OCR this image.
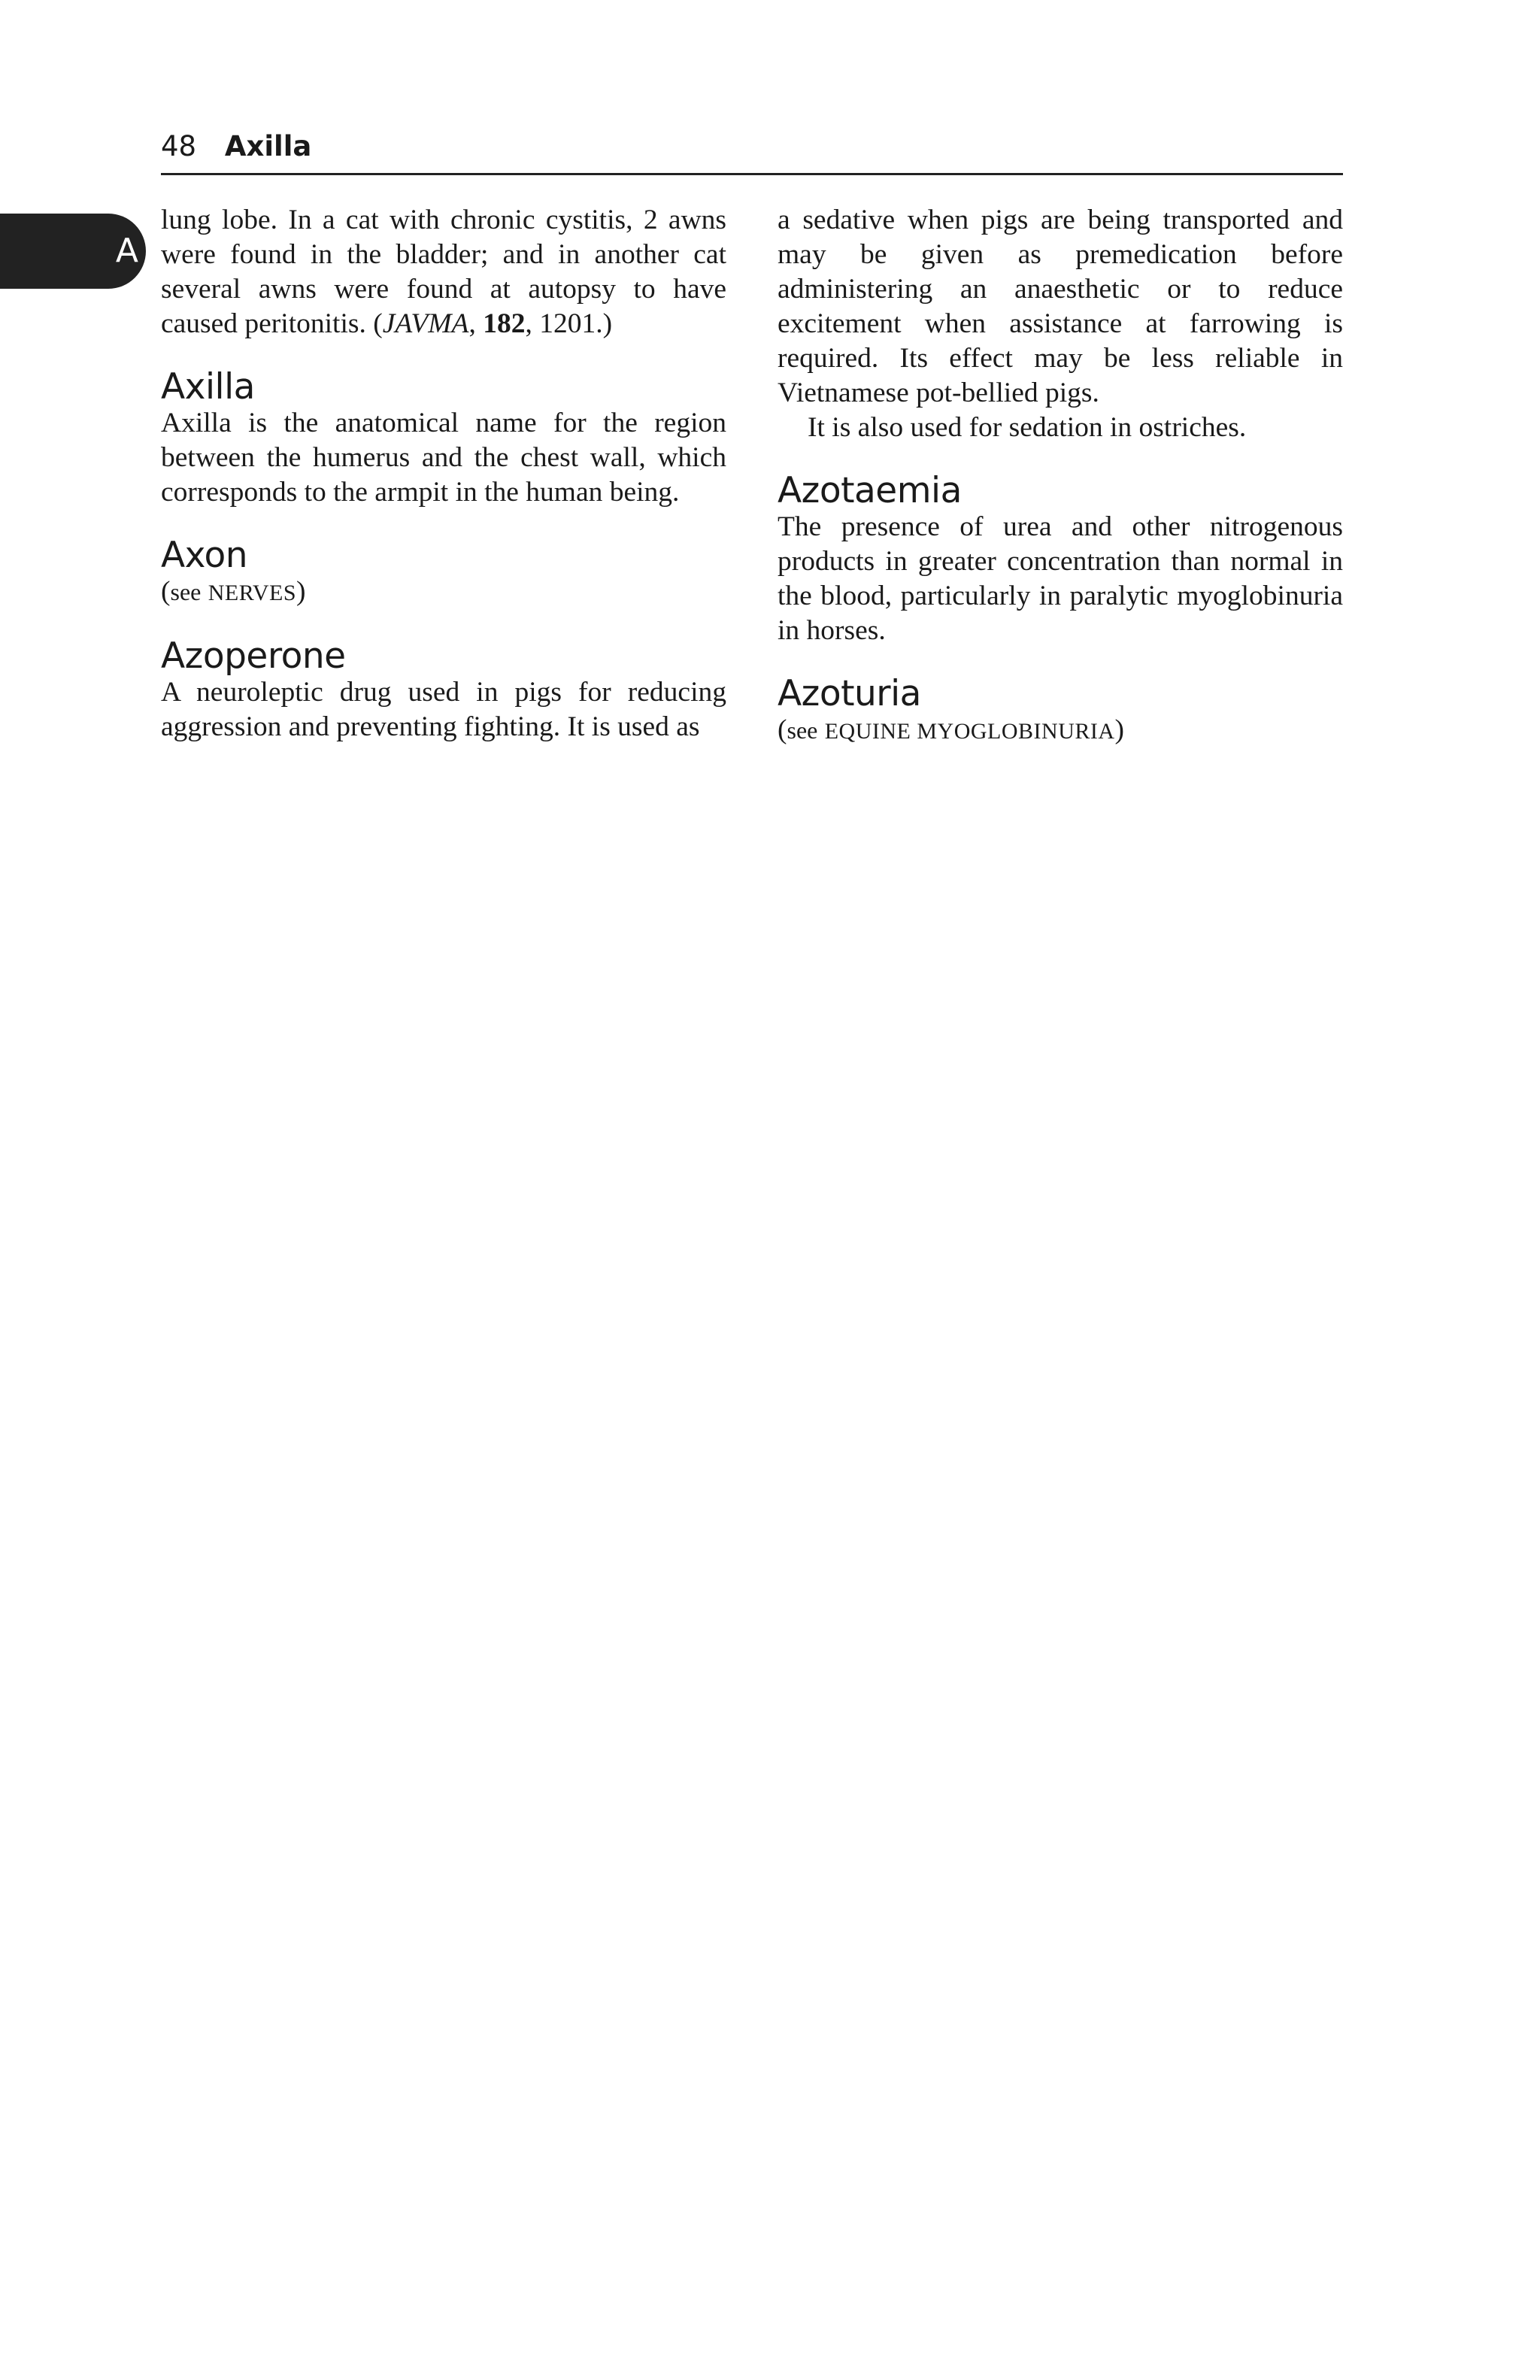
48 Axilla
A

lung lobe. In a cat with chronic cystitis, 2 awns were found in the bladder; and in another cat several awns were found at autopsy to have caused peritonitis. (JAVMA, 182, 1201.)

Axilla

Axilla is the anatomical name for the region between the humerus and the chest wall, which corresponds to the armpit in the human being.

Axon

(see NERVES)

Azoperone

A neuroleptic drug used in pigs for reducing aggression and preventing fighting. It is used as

a sedative when pigs are being transported and may be given as premedication before administering an anaesthetic or to reduce excitement when assistance at farrowing is required. Its effect may be less reliable in Vietnamese pot-bellied pigs.

It is also used for sedation in ostriches.

Azotaemia

The presence of urea and other nitrogenous products in greater concentration than normal in the blood, particularly in paralytic myoglobinuria in horses.

Azoturia

(see EQUINE MYOGLOBINURIA)
